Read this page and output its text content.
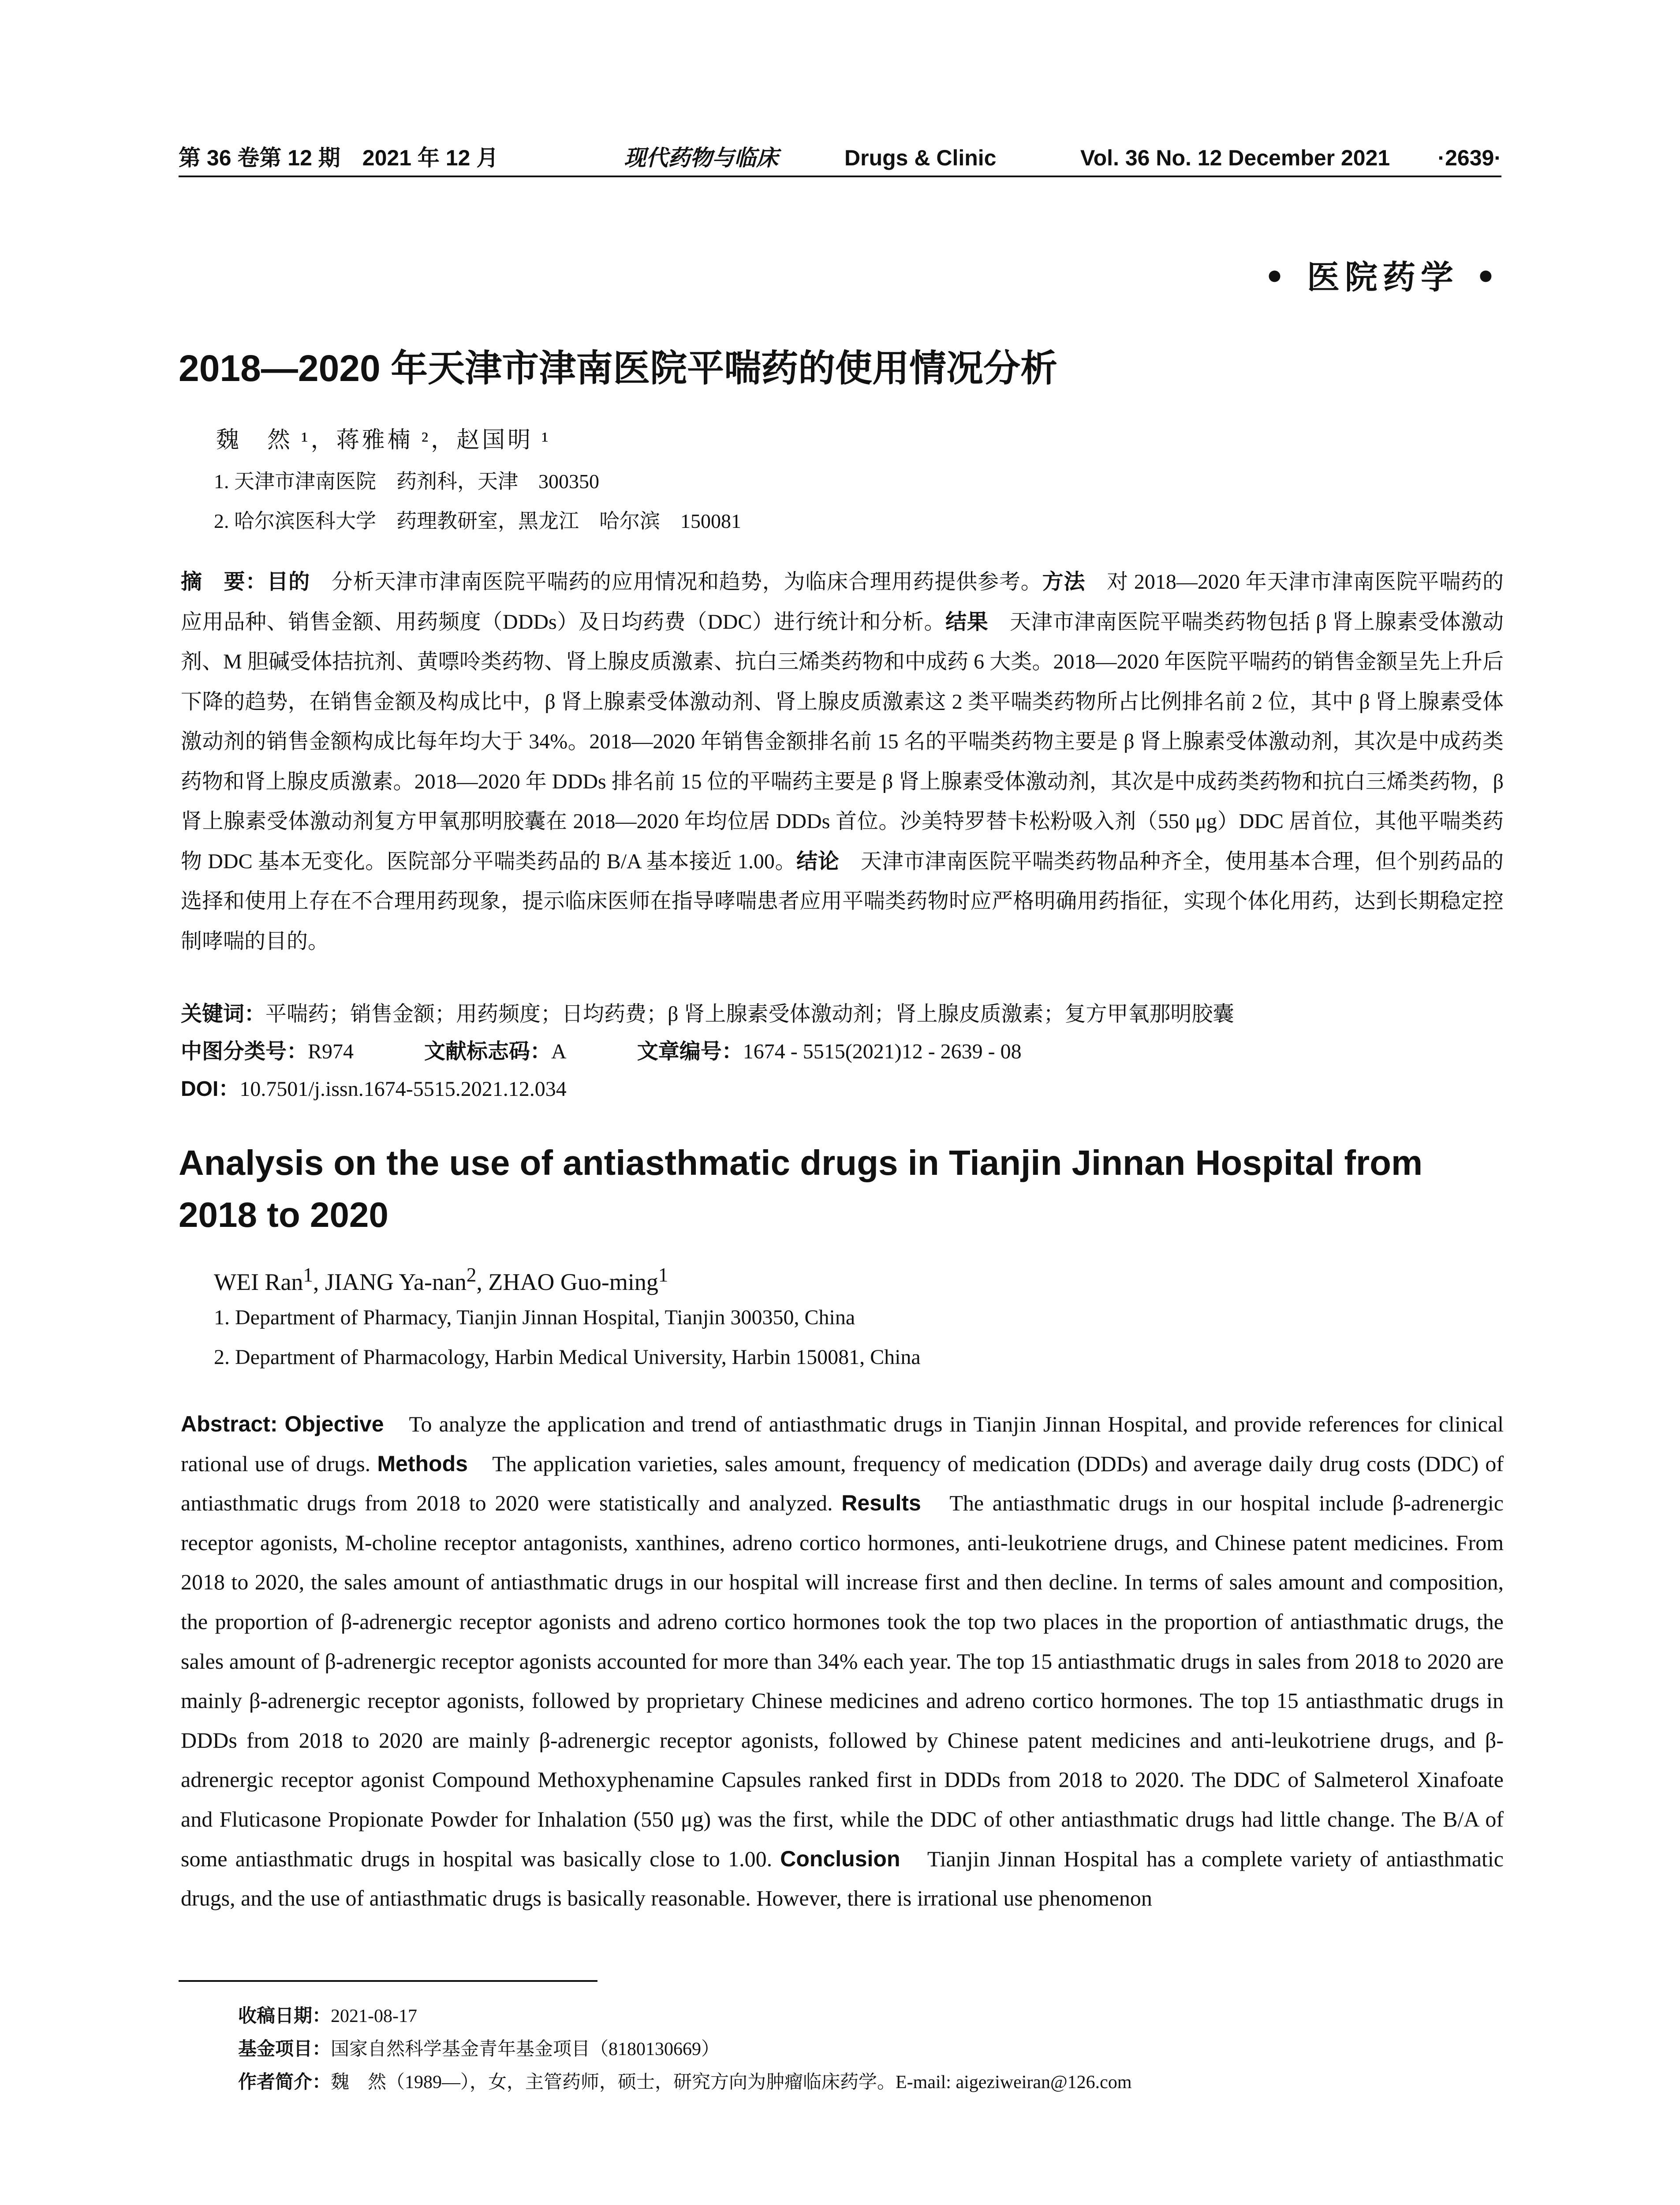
第 36 卷第 12 期　2021 年 12 月	现代药物与临床	Drugs & Clinic	Vol. 36 No. 12 December 2021 ·2639·
• 医院药学 •
2018—2020 年天津市津南医院平喘药的使用情况分析
魏　然 ¹，蒋雅楠 ²，赵国明 ¹
1. 天津市津南医院　药剂科，天津　300350
2. 哈尔滨医科大学　药理教研室，黑龙江　哈尔滨　150081
摘　要：目的　分析天津市津南医院平喘药的应用情况和趋势，为临床合理用药提供参考。方法　对 2018—2020 年天津市津南医院平喘药的应用品种、销售金额、用药频度（DDDs）及日均药费（DDC）进行统计和分析。结果　天津市津南医院平喘类药物包括 β 肾上腺素受体激动剂、M 胆碱受体拮抗剂、黄嘌呤类药物、肾上腺皮质激素、抗白三烯类药物和中成药 6 大类。2018—2020 年医院平喘药的销售金额呈先上升后下降的趋势，在销售金额及构成比中，β 肾上腺素受体激动剂、肾上腺皮质激素这 2 类平喘类药物所占比例排名前 2 位，其中 β 肾上腺素受体激动剂的销售金额构成比每年均大于 34%。2018—2020 年销售金额排名前 15 名的平喘类药物主要是 β 肾上腺素受体激动剂，其次是中成药类药物和肾上腺皮质激素。2018—2020 年 DDDs 排名前 15 位的平喘药主要是 β 肾上腺素受体激动剂，其次是中成药类药物和抗白三烯类药物，β 肾上腺素受体激动剂复方甲氧那明胶囊在 2018—2020 年均位居 DDDs 首位。沙美特罗替卡松粉吸入剂（550 μg）DDC 居首位，其他平喘类药物 DDC 基本无变化。医院部分平喘类药品的 B/A 基本接近 1.00。结论　天津市津南医院平喘类药物品种齐全，使用基本合理，但个别药品的选择和使用上存在不合理用药现象，提示临床医师在指导哮喘患者应用平喘类药物时应严格明确用药指征，实现个体化用药，达到长期稳定控制哮喘的目的。
关键词：平喘药；销售金额；用药频度；日均药费；β 肾上腺素受体激动剂；肾上腺皮质激素；复方甲氧那明胶囊
中图分类号：R974	文献标志码：A	文章编号：1674 - 5515(2021)12 - 2639 - 08
DOI：10.7501/j.issn.1674-5515.2021.12.034
Analysis on the use of antiasthmatic drugs in Tianjin Jinnan Hospital from 2018 to 2020
WEI Ran$^1$, JIANG Ya-nan$^2$, ZHAO Guo-ming$^1$
1. Department of Pharmacy, Tianjin Jinnan Hospital, Tianjin 300350, China
2. Department of Pharmacology, Harbin Medical University, Harbin 150081, China
Abstract: Objective　To analyze the application and trend of antiasthmatic drugs in Tianjin Jinnan Hospital, and provide references for clinical rational use of drugs. Methods　The application varieties, sales amount, frequency of medication (DDDs) and average daily drug costs (DDC) of antiasthmatic drugs from 2018 to 2020 were statistically and analyzed. Results　The antiasthmatic drugs in our hospital include β-adrenergic receptor agonists, M-choline receptor antagonists, xanthines, adreno cortico hormones, anti-leukotriene drugs, and Chinese patent medicines. From 2018 to 2020, the sales amount of antiasthmatic drugs in our hospital will increase first and then decline. In terms of sales amount and composition, the proportion of β-adrenergic receptor agonists and adreno cortico hormones took the top two places in the proportion of antiasthmatic drugs, the sales amount of β-adrenergic receptor agonists accounted for more than 34% each year. The top 15 antiasthmatic drugs in sales from 2018 to 2020 are mainly β-adrenergic receptor agonists, followed by proprietary Chinese medicines and adreno cortico hormones. The top 15 antiasthmatic drugs in DDDs from 2018 to 2020 are mainly β-adrenergic receptor agonists, followed by Chinese patent medicines and anti-leukotriene drugs, and β-adrenergic receptor agonist Compound Methoxyphenamine Capsules ranked first in DDDs from 2018 to 2020. The DDC of Salmeterol Xinafoate and Fluticasone Propionate Powder for Inhalation (550 μg) was the first, while the DDC of other antiasthmatic drugs had little change. The B/A of some antiasthmatic drugs in hospital was basically close to 1.00. Conclusion　Tianjin Jinnan Hospital has a complete variety of antiasthmatic drugs, and the use of antiasthmatic drugs is basically reasonable. However, there is irrational use phenomenon
收稿日期：2021-08-17
基金项目：国家自然科学基金青年基金项目（8180130669）
作者简介：魏　然（1989—），女，主管药师，硕士，研究方向为肿瘤临床药学。E-mail: aigeziweiran@126.com
